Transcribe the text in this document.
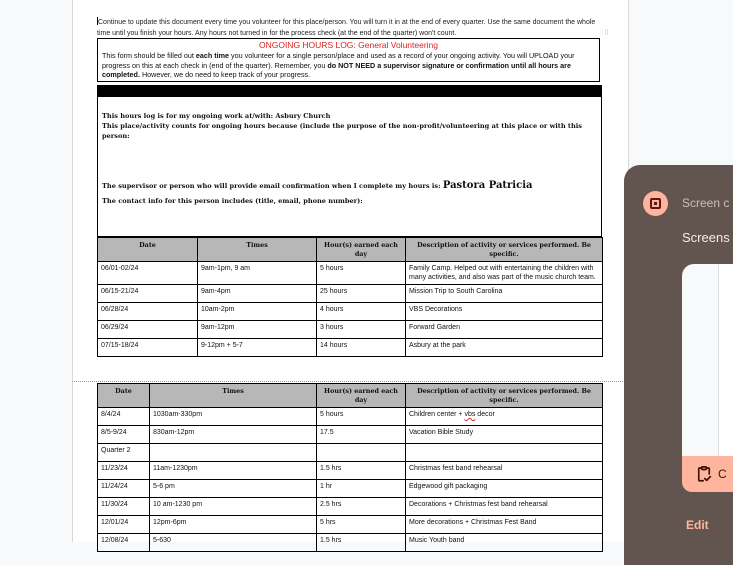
Continue to update this document every time you volunteer for this place/person. You will turn it in at the end of every quarter. Use the same document the whole time until you finish your hours. Any hours not turned in for the process check (at the end of the quarter) won't count.	⠿
ONGOING HOURS LOG: General Volunteering
This form should be filled out each time you volunteer for a single person/place and used as a record of your ongoing activity. You will UPLOAD your progress on this at each check in (end of the quarter). Remember, you do NOT NEED a supervisor signature or confirmation until all hours are completed. However, we do need to keep track of your progress.

This hours log is for my ongoing work at/with: Asbury Church

This place/activity counts for ongoing hours because (include the purpose of the non-profit/volunteering at this place or with this person:

The supervisor or person who will provide email confirmation when I complete my hours is: Pastora Patricia

The contact info for this person includes (title, email, phone number):

Date	Times	Hour(s) earned each day	Description of activity or services performed. Be specific.
06/01-02/24	9am-1pm, 9 am	5 hours	Family Camp. Helped out with entertaining the children with many activities, and also was part of the music church team.
06/15-21/24	9am-4pm	25 hours	Mission Trip to South Carolina
06/28/24	10am-2pm	4 hours	VBS Decorations
06/29/24	9am-12pm	3 hours	Forward Garden
07/15-18/24	9-12pm + 5-7	14 hours	Asbury at the park
Date	Times	Hour(s) earned each day	Description of activity or services performed. Be specific.
8/4/24	1030am-330pm	5 hours	Children center + vbs decor
8/5-9/24	830am-12pm	17.5	Vacation Bible Study
Quarter 2			
11/23/24	11am-1230pm	1.5 hrs	Christmas fest band rehearsal
11/24/24	5-6 pm	1 hr	Edgewood gift packaging
11/30/24	10 am-1230 pm	2.5 hrs	Decorations + Christmas fest band rehearsal
12/01/24	12pm-6pm	5 hrs	More decorations + Christmas Fest Band
12/08/24	5-630	1.5 hrs	Music Youth band
Screen c
Screens
C
Edit
